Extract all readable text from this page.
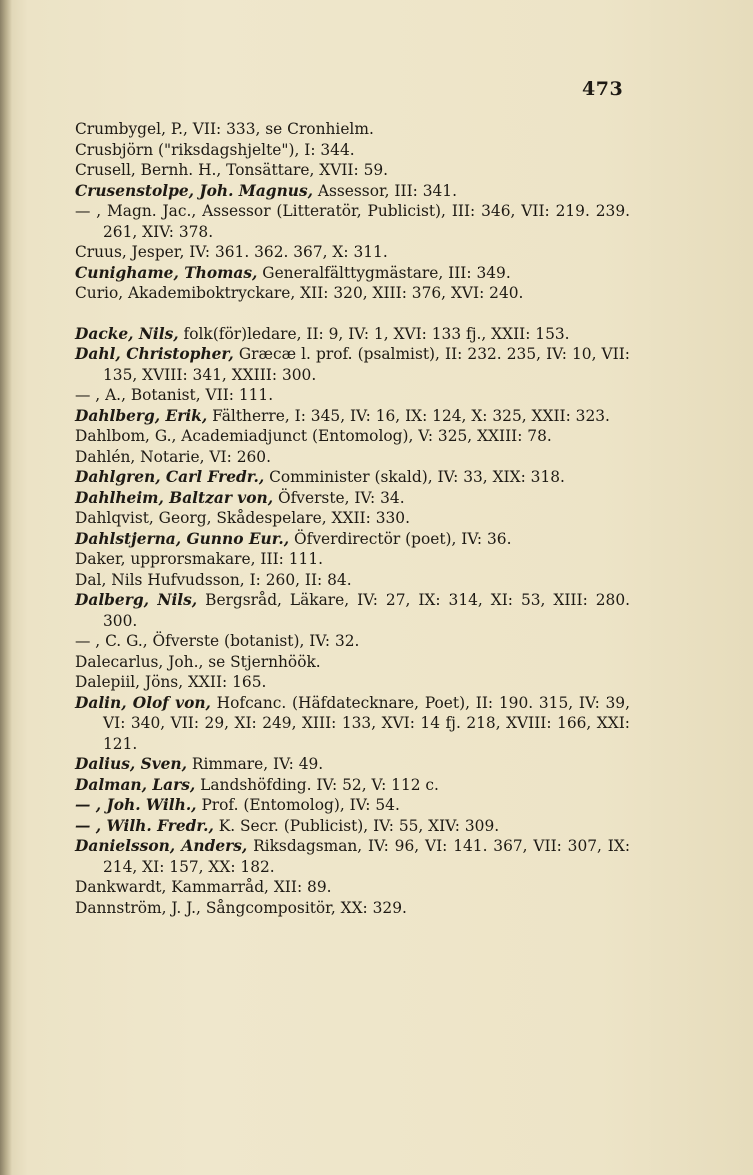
473
Crumbygel, P., VII: 333, se Cronhielm.
Crusbjörn ("riksdagshjelte"), I: 344.
Crusell, Bernh. H., Tonsättare, XVII: 59.
Crusenstolpe, Joh. Magnus, Assessor, III: 341.
— , Magn. Jac., Assessor (Litteratör, Publicist), III: 346, VII: 219. 239. 261, XIV: 378.
Cruus, Jesper, IV: 361. 362. 367, X: 311.
Cunighame, Thomas, Generalfälttygmästare, III: 349.
Curio, Akademiboktryckare, XII: 320, XIII: 376, XVI: 240.
Dacke, Nils, folk(för)ledare, II: 9, IV: 1, XVI: 133 fj., XXII: 153.
Dahl, Christopher, Græcæ l. prof. (psalmist), II: 232. 235, IV: 10, VII: 135, XVIII: 341, XXIII: 300.
— , A., Botanist, VII: 111.
Dahlberg, Erik, Fältherre, I: 345, IV: 16, IX: 124, X: 325, XXII: 323.
Dahlbom, G., Academiadjunct (Entomolog), V: 325, XXIII: 78.
Dahlén, Notarie, VI: 260.
Dahlgren, Carl Fredr., Comminister (skald), IV: 33, XIX: 318.
Dahlheim, Baltzar von, Öfverste, IV: 34.
Dahlqvist, Georg, Skådespelare, XXII: 330.
Dahlstjerna, Gunno Eur., Öfverdirectör (poet), IV: 36.
Daker, upprorsmakare, III: 111.
Dal, Nils Hufvudsson, I: 260, II: 84.
Dalberg, Nils, Bergsråd, Läkare, IV: 27, IX: 314, XI: 53, XIII: 280. 300.
— , C. G., Öfverste (botanist), IV: 32.
Dalecarlus, Joh., se Stjernhöök.
Dalepiil, Jöns, XXII: 165.
Dalin, Olof von, Hofcanc. (Häfdatecknare, Poet), II: 190. 315, IV: 39, VI: 340, VII: 29, XI: 249, XIII: 133, XVI: 14 fj. 218, XVIII: 166, XXI: 121.
Dalius, Sven, Rimmare, IV: 49.
Dalman, Lars, Landshöfding. IV: 52, V: 112 c.
— , Joh. Wilh., Prof. (Entomolog), IV: 54.
— , Wilh. Fredr., K. Secr. (Publicist), IV: 55, XIV: 309.
Danielsson, Anders, Riksdagsman, IV: 96, VI: 141. 367, VII: 307, IX: 214, XI: 157, XX: 182.
Dankwardt, Kammarråd, XII: 89.
Dannström, J. J., Sångcompositör, XX: 329.
